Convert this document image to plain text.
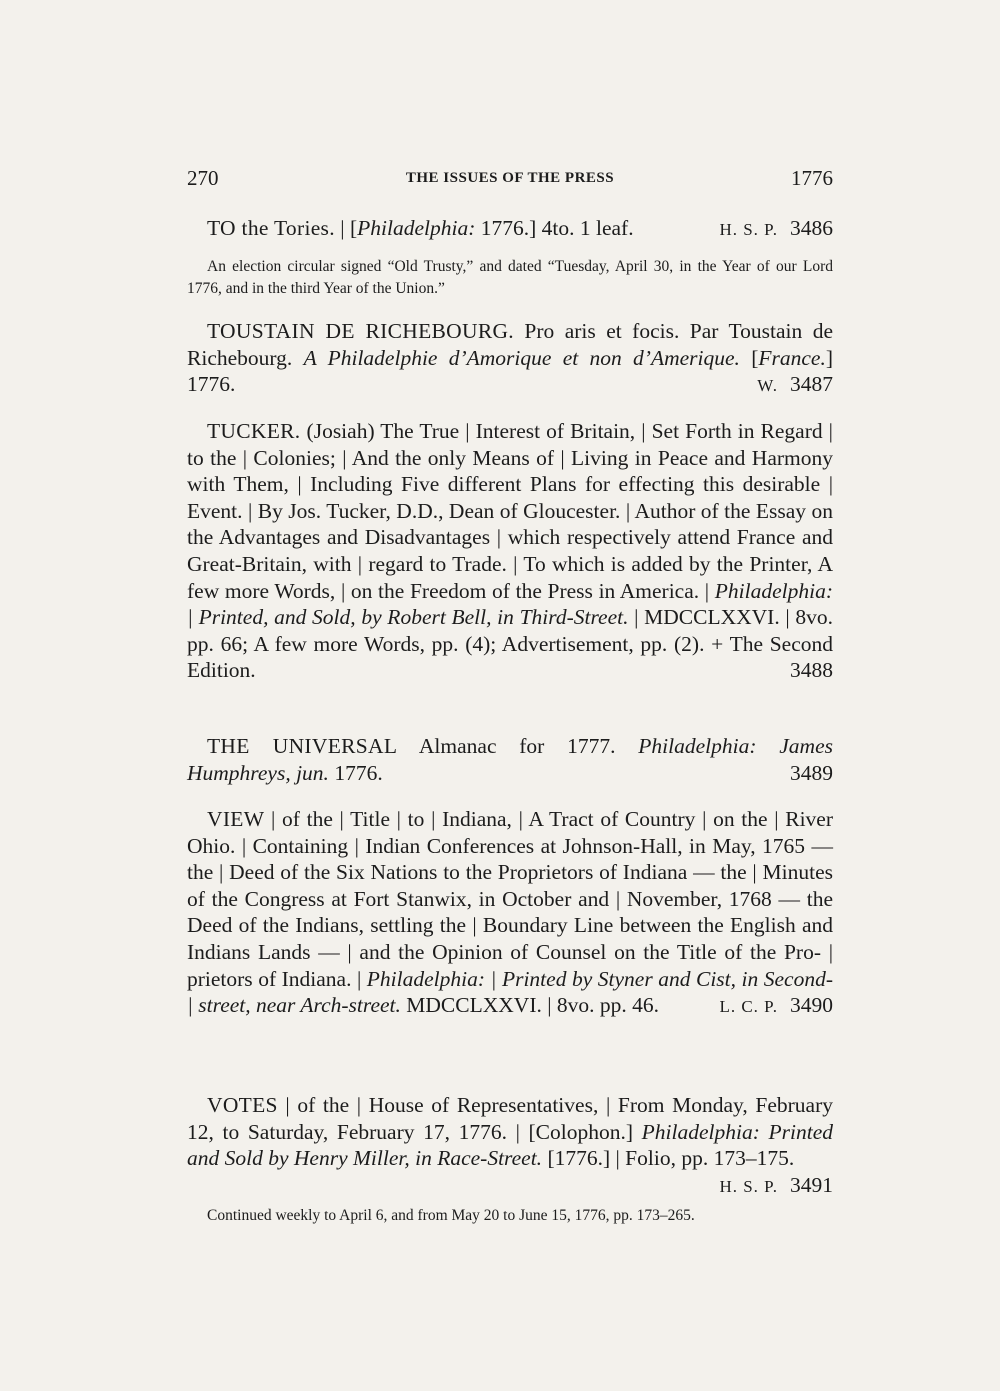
270	THE ISSUES OF THE PRESS	1776
TO the Tories. | [Philadelphia: 1776.] 4to. 1 leaf.	H. S. P. 3486
An election circular signed “Old Trusty,” and dated “Tuesday, April 30, in the Year of our Lord 1776, and in the third Year of the Union.”
TOUSTAIN DE RICHEBOURG. Pro aris et focis. Par Toustain de Richebourg. A Philadelphie d’Amorique et non d’Amerique. [France.] 1776.	W. 3487
TUCKER. (Josiah) The True | Interest of Britain, | Set Forth in Regard | to the | Colonies; | And the only Means of | Living in Peace and Harmony with Them, | Including Five different Plans for effecting this desirable | Event. | By Jos. Tucker, D.D., Dean of Gloucester. | Author of the Essay on the Advantages and Disadvantages | which respectively attend France and Great-Britain, with | regard to Trade. | To which is added by the Printer, A few more Words, | on the Freedom of the Press in America. | Philadelphia: | Printed, and Sold, by Robert Bell, in Third-Street. | MDCCLXXVI. | 8vo. pp. 66; A few more Words, pp. (4); Advertisement, pp. (2). + The Second Edition.	3488
THE UNIVERSAL Almanac for 1777. Philadelphia: James Humphreys, jun. 1776.	3489
VIEW | of the | Title | to | Indiana, | A Tract of Country | on the | River Ohio. | Containing | Indian Conferences at Johnson-Hall, in May, 1765 — the | Deed of the Six Nations to the Proprietors of Indiana — the | Minutes of the Congress at Fort Stanwix, in October and | November, 1768 — the Deed of the Indians, settling the | Boundary Line between the English and Indians Lands — | and the Opinion of Counsel on the Title of the Pro- | prietors of Indiana. | Philadelphia: | Printed by Styner and Cist, in Second- | street, near Arch-street. MDCCLXXVI. | 8vo. pp. 46.	L. C. P. 3490
VOTES | of the | House of Representatives, | From Monday, February 12, to Saturday, February 17, 1776. | [Colophon.] Philadelphia: Printed and Sold by Henry Miller, in Race-Street. [1776.] | Folio, pp. 173–175.
H. S. P. 3491
Continued weekly to April 6, and from May 20 to June 15, 1776, pp. 173–265.
